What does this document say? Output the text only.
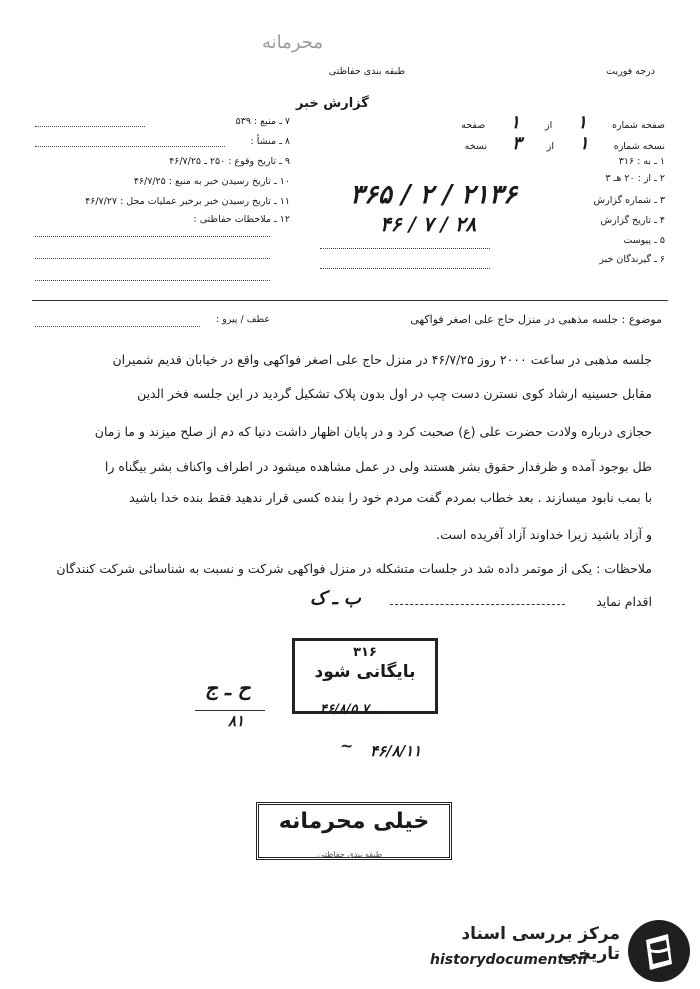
محرمانه
طبقه بندی حفاظتی	درجه فوریت
گزارش خبر
صفحه شماره ۱ از ۱ صفحه
نسخه شماره ۱ از ۳ نسخه
۱ ـ به : ۳۱۶
۲ ـ از : ۲۰ هـ ۳
۳ ـ شماره گزارش
۴ ـ تاریخ گزارش
۵ ـ پیوست
۶ ـ گیرندگان خبر
۳۶۵ / ۲ / ۲۱۳۶
۴۶ / ۷ / ۲۸
۷ ـ منبع : ۵۳۹
۸ ـ منشأ :
۹ ـ تاریخ وقوع : ۲۵۰ ـ ۴۶/۷/۲۵
۱۰ ـ تاریخ رسیدن خبر به منبع : ۴۶/۷/۲۵
۱۱ ـ تاریخ رسیدن خبر برخبر عملیات محل : ۴۶/۷/۲۷
۱۲ ـ ملاحظات حفاظتی :
موضوع : جلسه مذهبی در منزل حاج علی اصغر فواکهی
عطف / پیرو :
جلسه مذهبی در ساعت ۲۰۰۰ روز ۴۶/۷/۲۵ در منزل حاج علی اصغر فواکهی واقع در خیابان قدیم شمیران
مقابل حسینیه ارشاد کوی نسترن دست چپ در اول بدون پلاک تشکیل گردید در این جلسه فخر الدین
حجازی درباره ولادت حضرت علی (ع) صحبت کرد و در پایان اظهار داشت دنیا که دم از صلح میزند و ما زمان
طل بوجود آمده و ظرفدار حقوق بشر هستند ولی در عمل مشاهده میشود در اطراف واکناف بشر بیگناه را
با بمب نابود میسازند . بعد خطاب بمردم گفت مردم خود را بنده کسی قرار ندهید فقط بنده خدا باشید
و آزاد باشید زیرا خداوند آزاد آفریده است.
ملاحظات : یکی از موتمر داده شد در جلسات متشکله در منزل فواکهی شرکت و نسبت به شناسائی شرکت کنندگان
اقدام نماید
ب ـ ک
۳۱۶
بایگانی شود
۴۶/۸/۵ ـ ۷
ح ـ ج
۸۱
۴۶/۸/۱۱
~
خیلی محرمانه
طبقه بندی حفاظتی
مرکز بررسی اسناد تاریخی
historydocuments.ir
